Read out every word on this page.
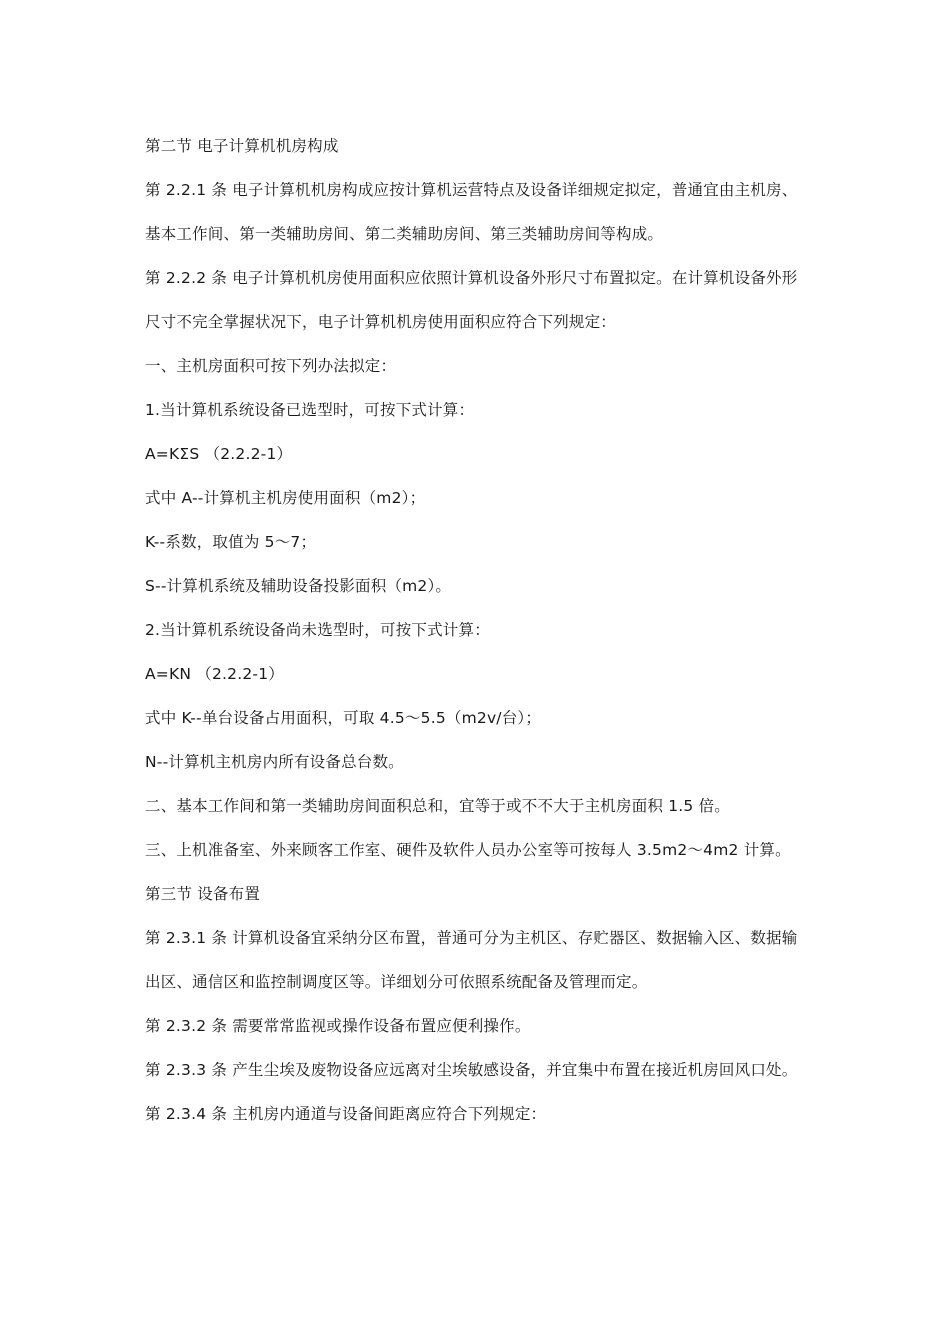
第二节 电子计算机机房构成

第 2.2.1 条 电子计算机机房构成应按计算机运营特点及设备详细规定拟定，普通宜由主机房、基本工作间、第一类辅助房间、第二类辅助房间、第三类辅助房间等构成。

第 2.2.2 条 电子计算机机房使用面积应依照计算机设备外形尺寸布置拟定。在计算机设备外形尺寸不完全掌握状况下，电子计算机机房使用面积应符合下列规定：

一、主机房面积可按下列办法拟定：

1.当计算机系统设备已选型时，可按下式计算：

A=KΣS （2.2.2-1）

式中 A--计算机主机房使用面积（m2）；

K--系数，取值为 5～7；

S--计算机系统及辅助设备投影面积（m2）。

2.当计算机系统设备尚未选型时，可按下式计算：

A=KN （2.2.2-1）

式中 K--单台设备占用面积，可取 4.5～5.5（m2v/台）；

N--计算机主机房内所有设备总台数。

二、基本工作间和第一类辅助房间面积总和，宜等于或不不大于主机房面积 1.5 倍。

三、上机准备室、外来顾客工作室、硬件及软件人员办公室等可按每人 3.5m2～4m2 计算。

第三节 设备布置

第 2.3.1 条 计算机设备宜采纳分区布置，普通可分为主机区、存贮器区、数据输入区、数据输出区、通信区和监控制调度区等。详细划分可依照系统配备及管理而定。

第 2.3.2 条 需要常常监视或操作设备布置应便利操作。

第 2.3.3 条 产生尘埃及废物设备应远离对尘埃敏感设备，并宜集中布置在接近机房回风口处。

第 2.3.4 条 主机房内通道与设备间距离应符合下列规定：
